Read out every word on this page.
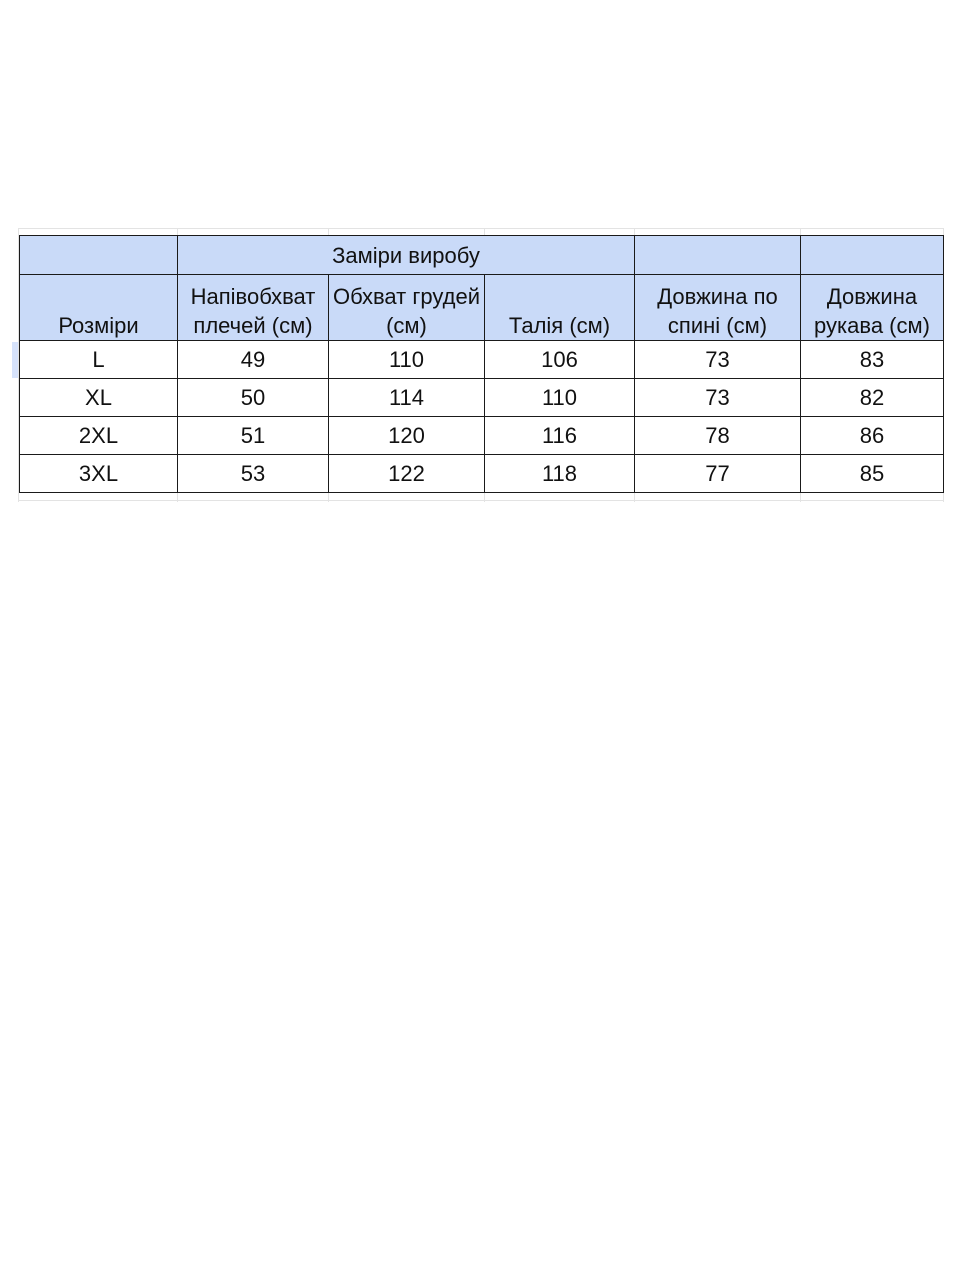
	Заміри виробу				
Розміри	Напівобхват плечей (см)	Обхват грудей (см)	Талія (см)	Довжина по спині (см)	Довжина рукава (см)
L	49	110	106	73	83
XL	50	114	110	73	82
2XL	51	120	116	78	86
3XL	53	122	118	77	85
